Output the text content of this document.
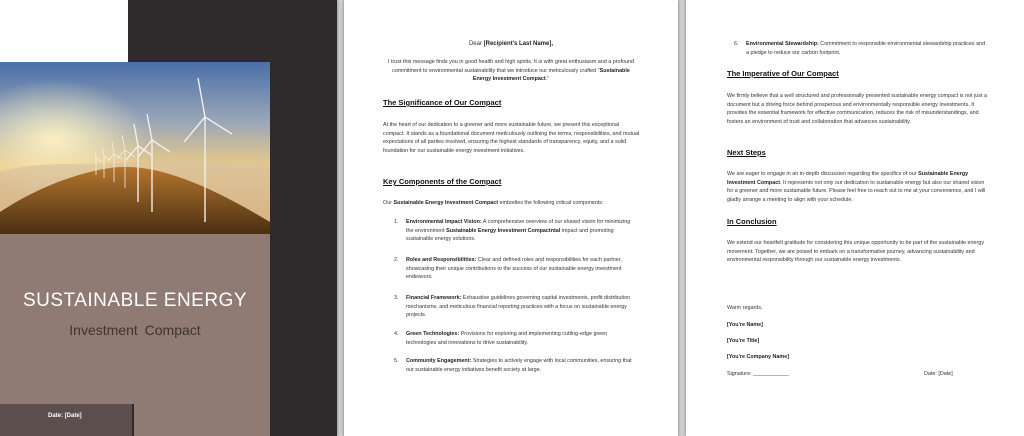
SUSTAINABLE ENERGY
Investment Compact
Date: [Date]
Dear [Recipient's Last Name],
I trust this message finds you in good health and high spirits. It is with great enthusiasm and a profound commitment to environmental sustainability that we introduce our meticulously crafted "Sustainable Energy Investment Compact."
The Significance of Our Compact
At the heart of our dedication to a greener and more sustainable future, we present this exceptional compact. It stands as a foundational document meticulously outlining the terms, responsibilities, and mutual expectations of all parties involved, ensuring the highest standards of transparency, equity, and a solid foundation for our sustainable energy investment initiatives.
Key Components of the Compact
Our Sustainable Energy Investment Compact embodies the following critical components:
1. Environmental Impact Vision: A comprehensive overview of our shared vision for minimizing the environment Sustainable Energy Investment Compactntal impact and promoting sustainable energy solutions.
2. Roles and Responsibilities: Clear and defined roles and responsibilities for each partner, showcasing their unique contributions to the success of our sustainable energy investment endeavors.
3. Financial Framework: Exhaustive guidelines governing capital investments, profit distribution mechanisms, and meticulous financial reporting practices with a focus on sustainable energy projects.
4. Green Technologies: Provisions for exploring and implementing cutting-edge green technologies and innovations to drive sustainability.
5. Community Engagement: Strategies to actively engage with local communities, ensuring that our sustainable energy initiatives benefit society at large.
6. Environmental Stewardship: Commitment to responsible environmental stewardship practices and a pledge to reduce our carbon footprint.
The Imperative of Our Compact
We firmly believe that a well structured and professionally presented sustainable energy compact is not just a document but a driving force behind prosperous and environmentally responsible energy investments. It provides the essential framework for effective communication, reduces the risk of misunderstandings, and fosters an environment of trust and collaboration that advances sustainability.
Next Steps
We are eager to engage in an in-depth discussion regarding the specifics of our Sustainable Energy Investment Compact. It represents not only our dedication to sustainable energy but also our shared vision for a greener and more sustainable future. Please feel free to reach out to me at your convenience, and I will gladly arrange a meeting to align with your schedule.
In Conclusion
We extend our heartfelt gratitude for considering this unique opportunity to be part of the sustainable energy movement. Together, we are poised to embark on a transformative journey, advancing sustainability and environmental responsibility through our sustainable energy investments.
Warm regards,
[You're Name]
[You're Title]
[You're Company Name]
Signature: ____________	Date: [Date]
